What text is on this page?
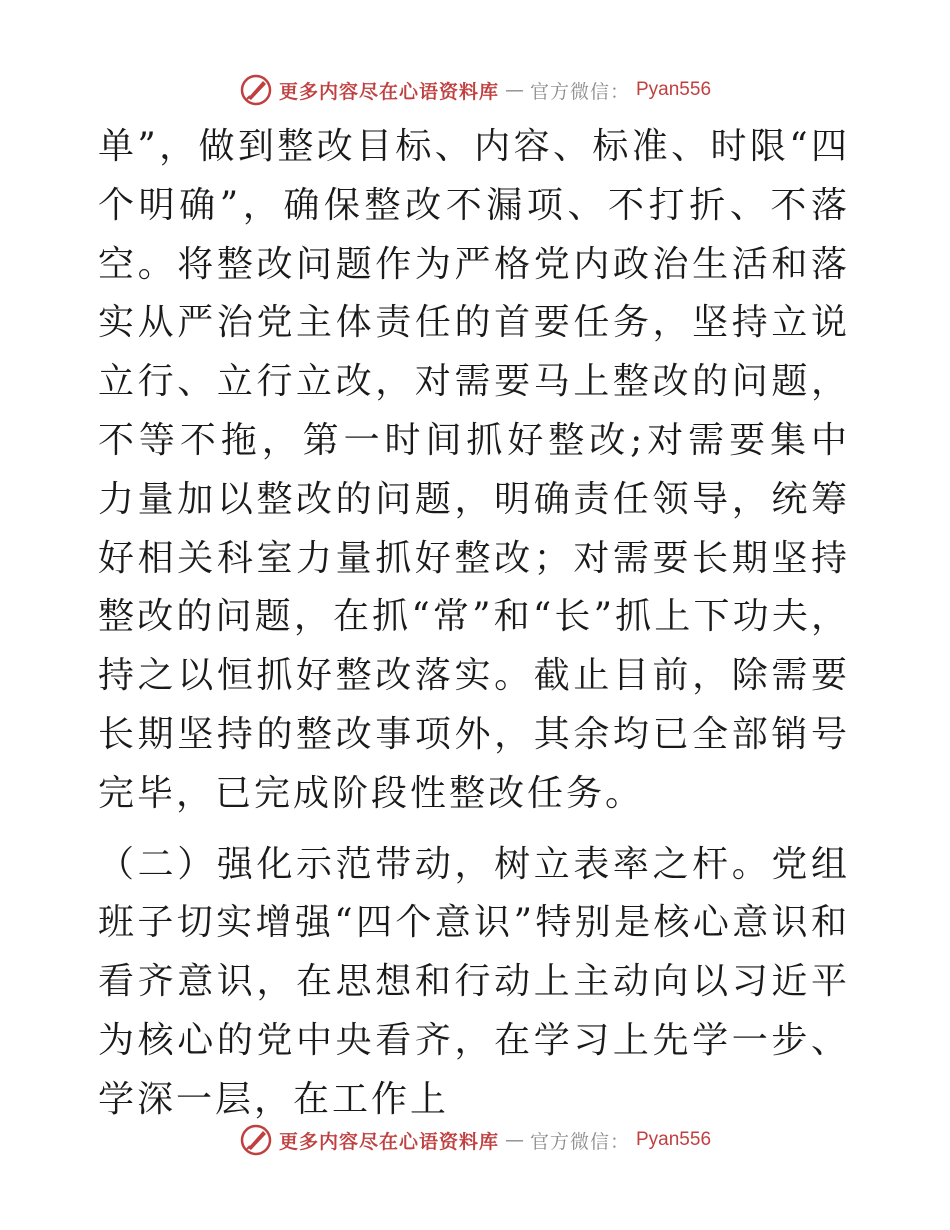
更多内容尽在心语资料库 — 官方微信： Pyan556

单”，做到整改目标、内容、标准、时限“四个明确”，确保整改不漏项、不打折、不落空。将整改问题作为严格党内政治生活和落实从严治党主体责任的首要任务，坚持立说立行、立行立改，对需要马上整改的问题，不等不拖，第一时间抓好整改;对需要集中力量加以整改的问题，明确责任领导，统筹好相关科室力量抓好整改；对需要长期坚持整改的问题，在抓“常”和“长”抓上下功夫，持之以恒抓好整改落实。截止目前，除需要长期坚持的整改事项外，其余均已全部销号完毕，已完成阶段性整改任务。

（二）强化示范带动，树立表率之杆。党组班子切实增强“四个意识”特别是核心意识和看齐意识，在思想和行动上主动向以习近平为核心的党中央看齐，在学习上先学一步、学深一层，在工作上

更多内容尽在心语资料库 — 官方微信： Pyan556
